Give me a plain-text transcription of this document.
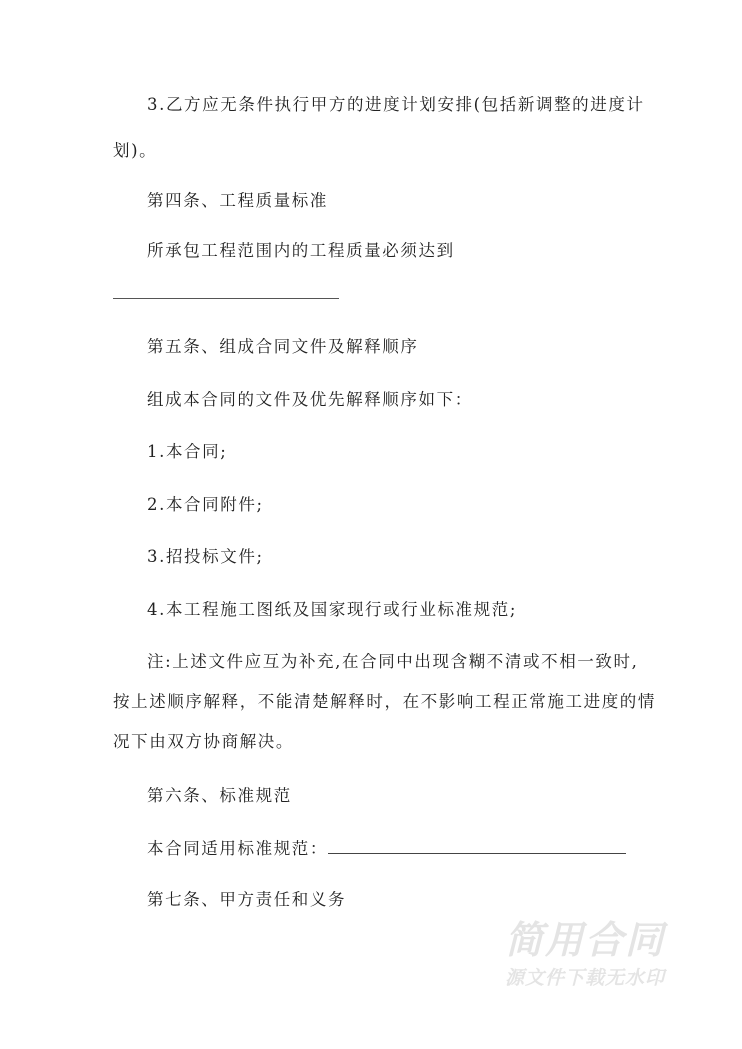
3.乙方应无条件执行甲方的进度计划安排(包括新调整的进度计
划)。
第四条、工程质量标准
所承包工程范围内的工程质量必须达到
第五条、组成合同文件及解释顺序
组成本合同的文件及优先解释顺序如下：
1.本合同;
2.本合同附件;
3.招投标文件;
4.本工程施工图纸及国家现行或行业标准规范;
注:上述文件应互为补充,在合同中出现含糊不清或不相一致时,
按上述顺序解释，不能清楚解释时，在不影响工程正常施工进度的情
况下由双方协商解决。
第六条、标准规范
本合同适用标准规范：
第七条、甲方责任和义务
简用合同
源文件下载无水印
